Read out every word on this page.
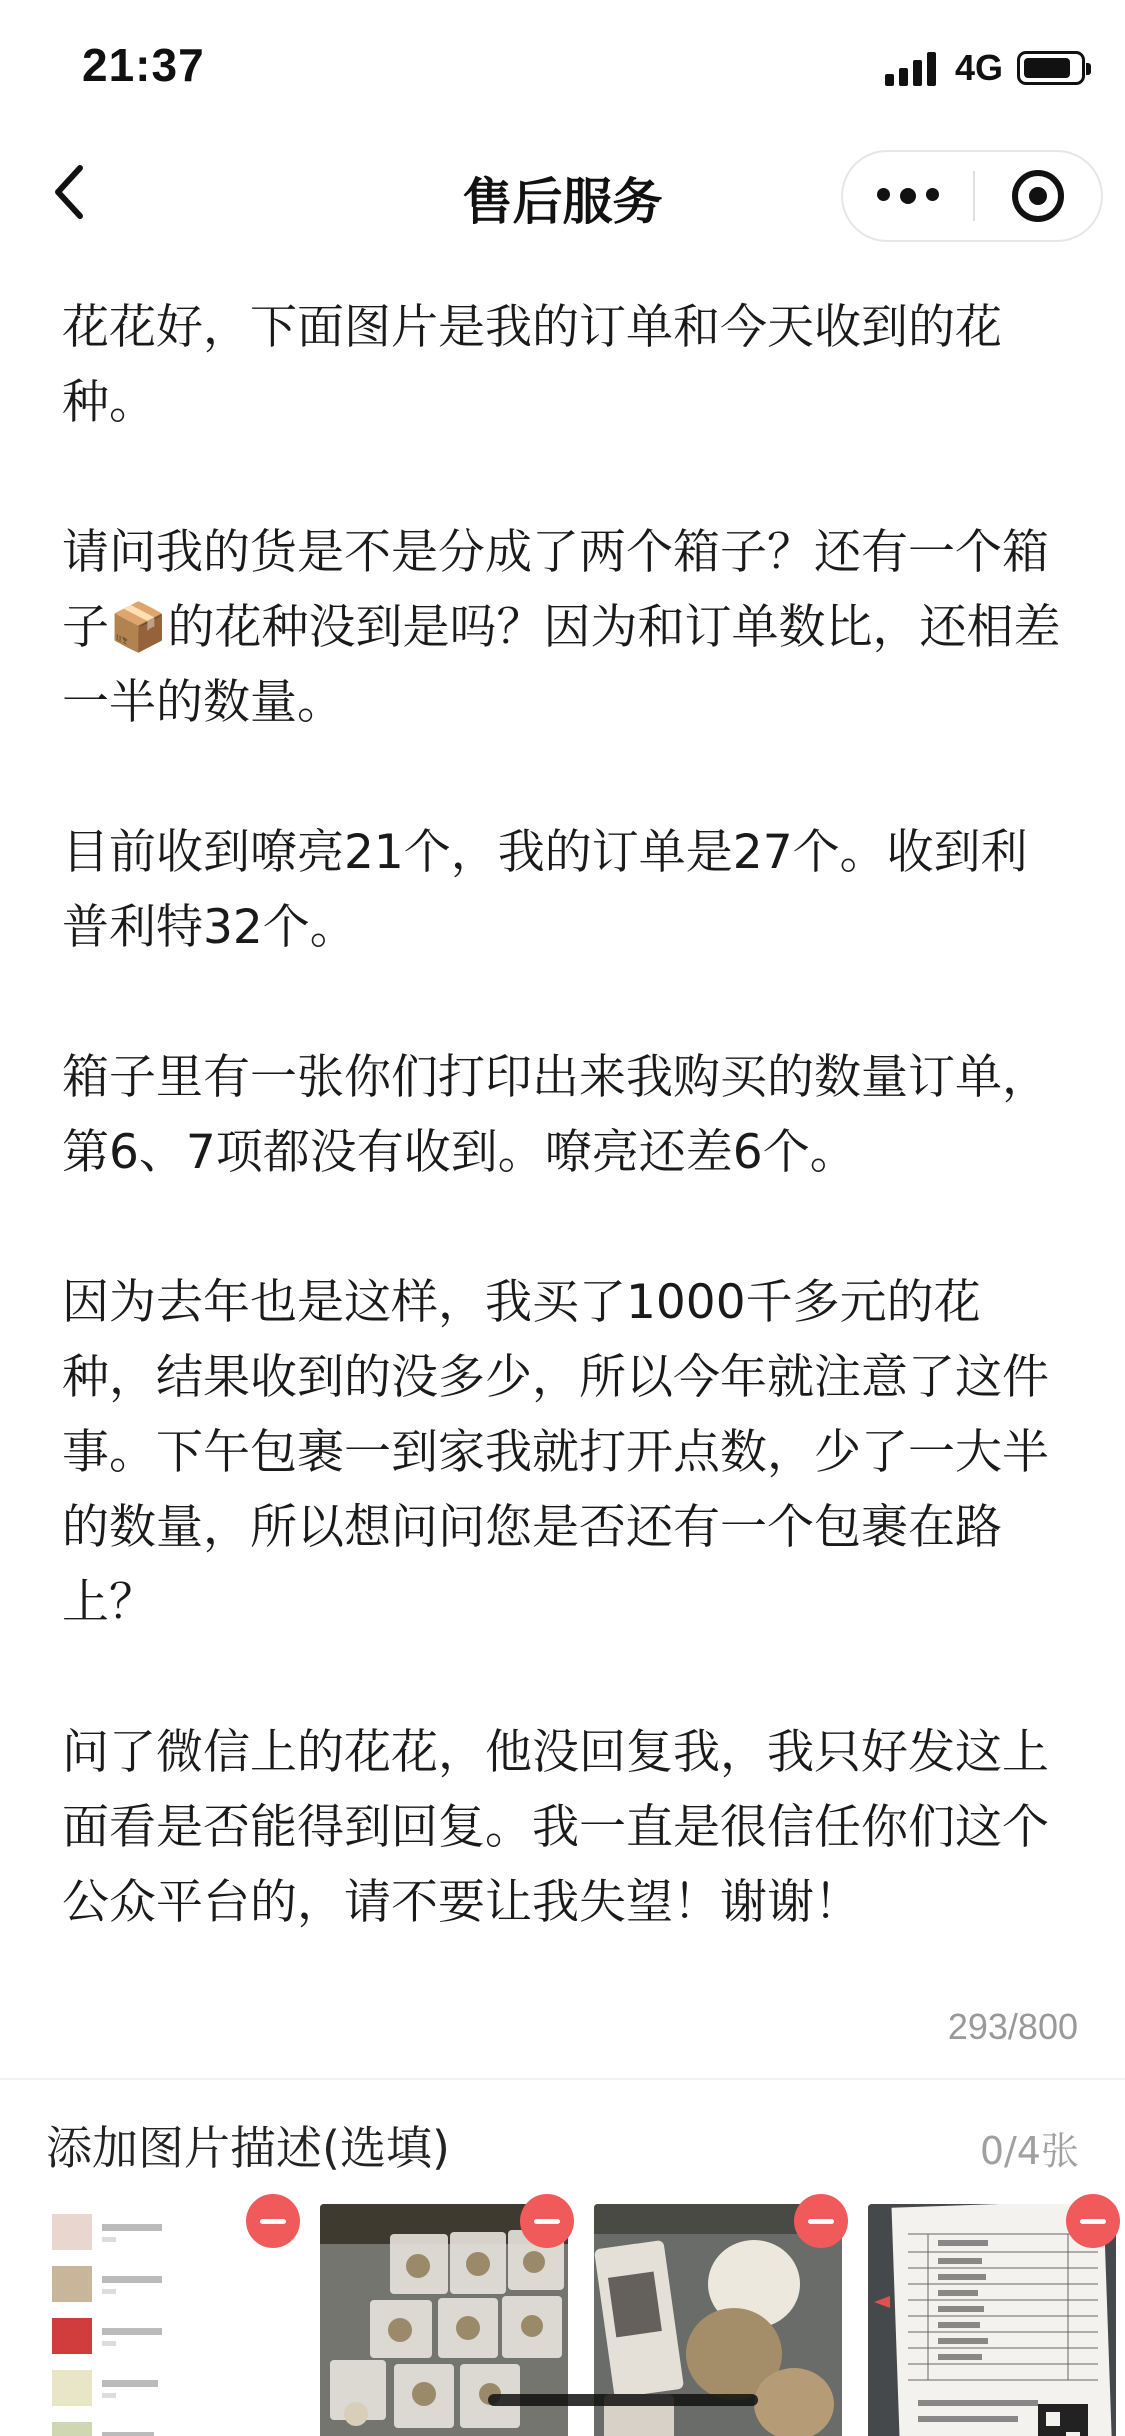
21:37	4G
售后服务
花花好，下面图片是我的订单和今天收到的花种。
请问我的货是不是分成了两个箱子？还有一个箱子📦的花种没到是吗？因为和订单数比，还相差一半的数量。
目前收到嘹亮21个，我的订单是27个。收到利普利特32个。
箱子里有一张你们打印出来我购买的数量订单，第6、7项都没有收到。嘹亮还差6个。
因为去年也是这样，我买了1000千多元的花种，结果收到的没多少，所以今年就注意了这件事。下午包裹一到家我就打开点数，少了一大半的数量，所以想问问您是否还有一个包裹在路上？
问了微信上的花花，他没回复我，我只好发这上面看是否能得到回复。我一直是很信任你们这个公众平台的，请不要让我失望！谢谢！
293/800
添加图片描述(选填)	0/4张
